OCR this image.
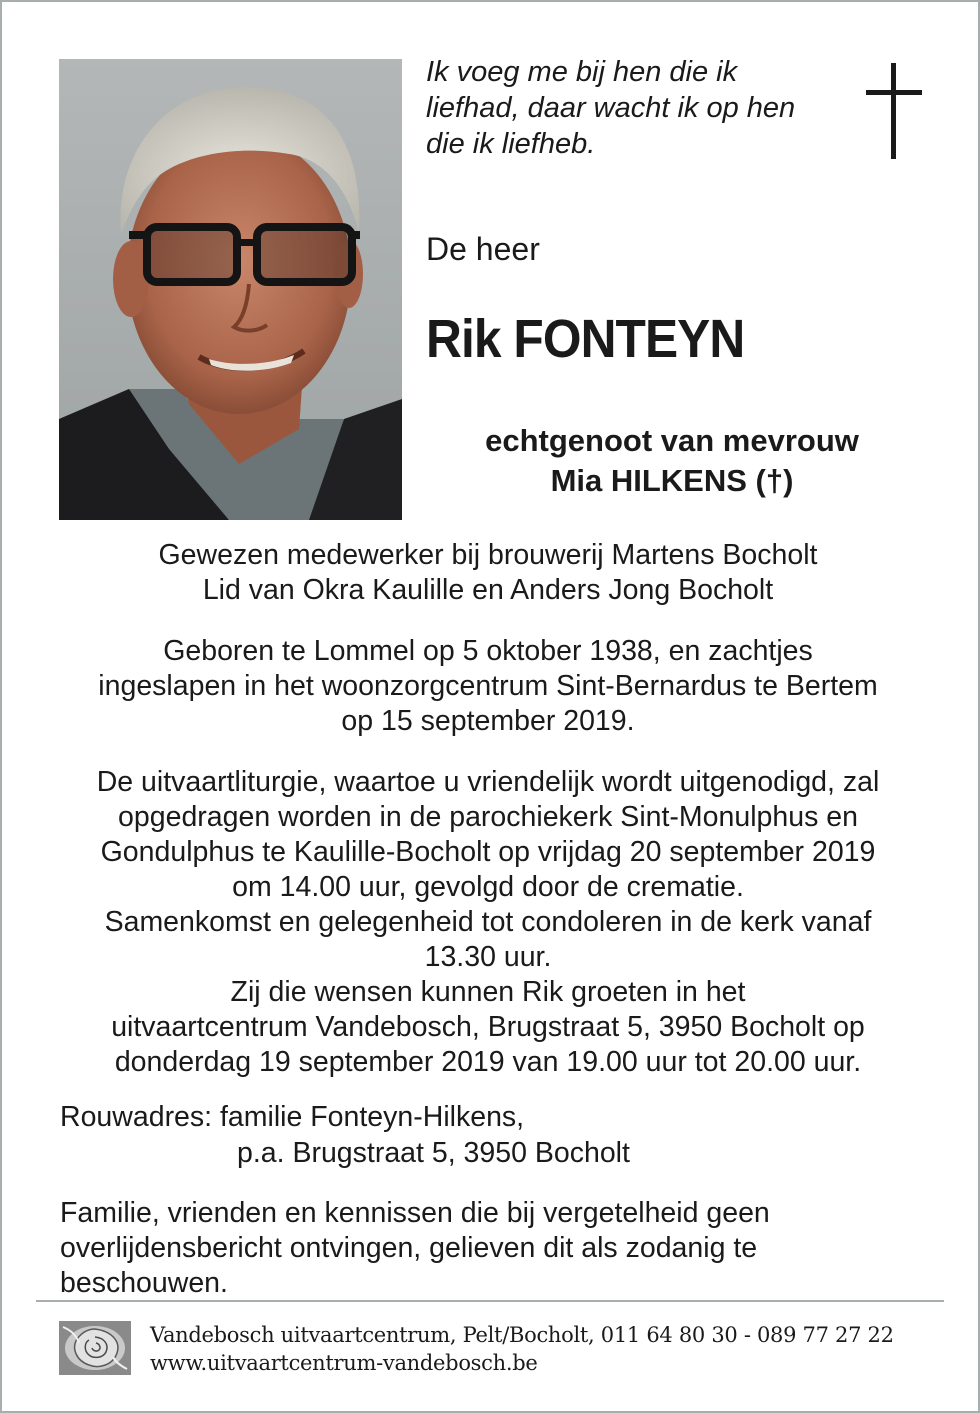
Ik voeg me bij hen die ik
liefhad, daar wacht ik op hen
die ik liefheb.
De heer
Rik FONTEYN
echtgenoot van mevrouw
Mia HILKENS (†)
Gewezen medewerker bij brouwerij Martens Bocholt
Lid van Okra Kaulille en Anders Jong Bocholt
Geboren te Lommel op 5 oktober 1938, en zachtjes
ingeslapen in het woonzorgcentrum Sint-Bernardus te Bertem
op 15 september 2019.
De uitvaartliturgie, waartoe u vriendelijk wordt uitgenodigd, zal
opgedragen worden in de parochiekerk Sint-Monulphus en
Gondulphus te Kaulille-Bocholt op vrijdag 20 september 2019
om 14.00 uur, gevolgd door de crematie.
Samenkomst en gelegenheid tot condoleren in de kerk vanaf
13.30 uur.
Zij die wensen kunnen Rik groeten in het
uitvaartcentrum Vandebosch, Brugstraat 5, 3950 Bocholt op
donderdag 19 september 2019 van 19.00 uur tot 20.00 uur.
Rouwadres: familie Fonteyn-Hilkens,
p.a. Brugstraat 5, 3950 Bocholt
Familie, vrienden en kennissen die bij vergetelheid geen
overlijdensbericht ontvingen, gelieven dit als zodanig te
beschouwen.
Vandebosch uitvaartcentrum, Pelt/Bocholt, 011 64 80 30 - 089 77 27 22
www.uitvaartcentrum-vandebosch.be
